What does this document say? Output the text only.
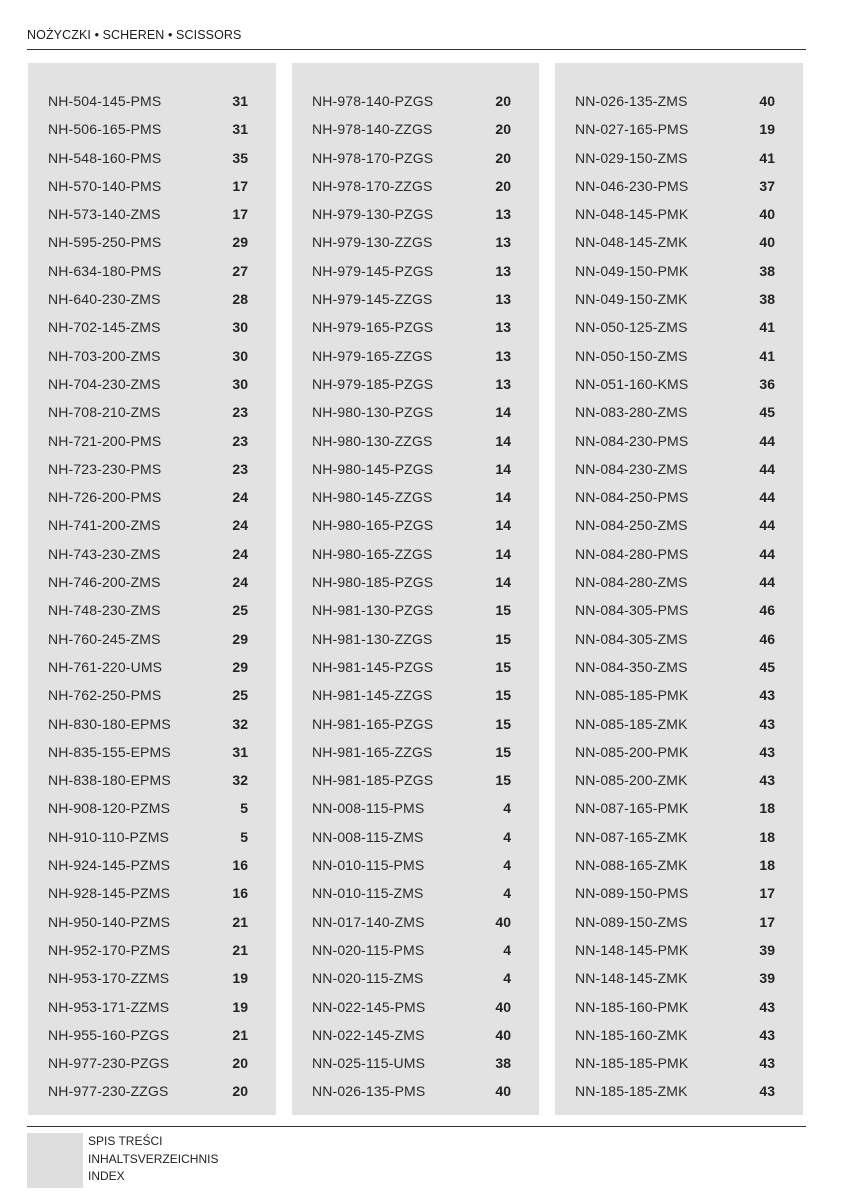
NOŻYCZKI • SCHEREN • SCISSORS
NH-504-145-PMS	31
NH-506-165-PMS	31
NH-548-160-PMS	35
NH-570-140-PMS	17
NH-573-140-ZMS	17
NH-595-250-PMS	29
NH-634-180-PMS	27
NH-640-230-ZMS	28
NH-702-145-ZMS	30
NH-703-200-ZMS	30
NH-704-230-ZMS	30
NH-708-210-ZMS	23
NH-721-200-PMS	23
NH-723-230-PMS	23
NH-726-200-PMS	24
NH-741-200-ZMS	24
NH-743-230-ZMS	24
NH-746-200-ZMS	24
NH-748-230-ZMS	25
NH-760-245-ZMS	29
NH-761-220-UMS	29
NH-762-250-PMS	25
NH-830-180-EPMS	32
NH-835-155-EPMS	31
NH-838-180-EPMS	32
NH-908-120-PZMS	5
NH-910-110-PZMS	5
NH-924-145-PZMS	16
NH-928-145-PZMS	16
NH-950-140-PZMS	21
NH-952-170-PZMS	21
NH-953-170-ZZMS	19
NH-953-171-ZZMS	19
NH-955-160-PZGS	21
NH-977-230-PZGS	20
NH-977-230-ZZGS	20
NH-978-140-PZGS	20
NH-978-140-ZZGS	20
NH-978-170-PZGS	20
NH-978-170-ZZGS	20
NH-979-130-PZGS	13
NH-979-130-ZZGS	13
NH-979-145-PZGS	13
NH-979-145-ZZGS	13
NH-979-165-PZGS	13
NH-979-165-ZZGS	13
NH-979-185-PZGS	13
NH-980-130-PZGS	14
NH-980-130-ZZGS	14
NH-980-145-PZGS	14
NH-980-145-ZZGS	14
NH-980-165-PZGS	14
NH-980-165-ZZGS	14
NH-980-185-PZGS	14
NH-981-130-PZGS	15
NH-981-130-ZZGS	15
NH-981-145-PZGS	15
NH-981-145-ZZGS	15
NH-981-165-PZGS	15
NH-981-165-ZZGS	15
NH-981-185-PZGS	15
NN-008-115-PMS	4
NN-008-115-ZMS	4
NN-010-115-PMS	4
NN-010-115-ZMS	4
NN-017-140-ZMS	40
NN-020-115-PMS	4
NN-020-115-ZMS	4
NN-022-145-PMS	40
NN-022-145-ZMS	40
NN-025-115-UMS	38
NN-026-135-PMS	40
NN-026-135-ZMS	40
NN-027-165-PMS	19
NN-029-150-ZMS	41
NN-046-230-PMS	37
NN-048-145-PMK	40
NN-048-145-ZMK	40
NN-049-150-PMK	38
NN-049-150-ZMK	38
NN-050-125-ZMS	41
NN-050-150-ZMS	41
NN-051-160-KMS	36
NN-083-280-ZMS	45
NN-084-230-PMS	44
NN-084-230-ZMS	44
NN-084-250-PMS	44
NN-084-250-ZMS	44
NN-084-280-PMS	44
NN-084-280-ZMS	44
NN-084-305-PMS	46
NN-084-305-ZMS	46
NN-084-350-ZMS	45
NN-085-185-PMK	43
NN-085-185-ZMK	43
NN-085-200-PMK	43
NN-085-200-ZMK	43
NN-087-165-PMK	18
NN-087-165-ZMK	18
NN-088-165-ZMK	18
NN-089-150-PMS	17
NN-089-150-ZMS	17
NN-148-145-PMK	39
NN-148-145-ZMK	39
NN-185-160-PMK	43
NN-185-160-ZMK	43
NN-185-185-PMK	43
NN-185-185-ZMK	43
SPIS TREŚCI
INHALTSVERZEICHNIS
INDEX
